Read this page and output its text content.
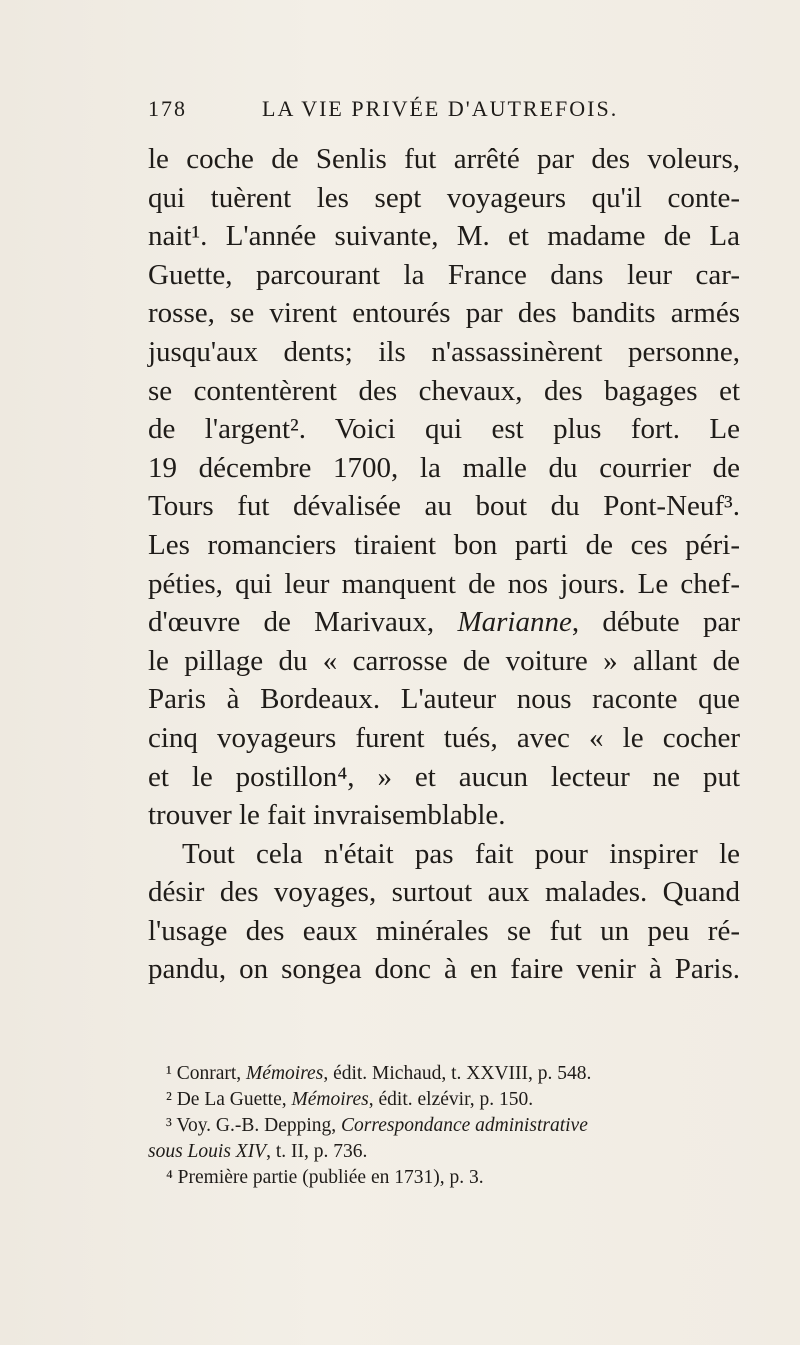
178	LA VIE PRIVÉE D'AUTREFOIS.
le coche de Senlis fut arrêté par des voleurs,
qui tuèrent les sept voyageurs qu'il conte-
nait¹. L'année suivante, M. et madame de La
Guette, parcourant la France dans leur car-
rosse, se virent entourés par des bandits armés
jusqu'aux dents; ils n'assassinèrent personne,
se contentèrent des chevaux, des bagages et
de l'argent². Voici qui est plus fort. Le
19 décembre 1700, la malle du courrier de
Tours fut dévalisée au bout du Pont-Neuf³.
Les romanciers tiraient bon parti de ces péri-
péties, qui leur manquent de nos jours. Le chef-
d'œuvre de Marivaux, Marianne, débute par
le pillage du « carrosse de voiture » allant de
Paris à Bordeaux. L'auteur nous raconte que
cinq voyageurs furent tués, avec « le cocher
et le postillon⁴, » et aucun lecteur ne put
trouver le fait invraisemblable.
Tout cela n'était pas fait pour inspirer le
désir des voyages, surtout aux malades. Quand
l'usage des eaux minérales se fut un peu ré-
pandu, on songea donc à en faire venir à Paris.
¹ Conrart, Mémoires, édit. Michaud, t. XXVIII, p. 548.
² De La Guette, Mémoires, édit. elzévir, p. 150.
³ Voy. G.-B. Depping, Correspondance administrative
sous Louis XIV, t. II, p. 736.
⁴ Première partie (publiée en 1731), p. 3.
